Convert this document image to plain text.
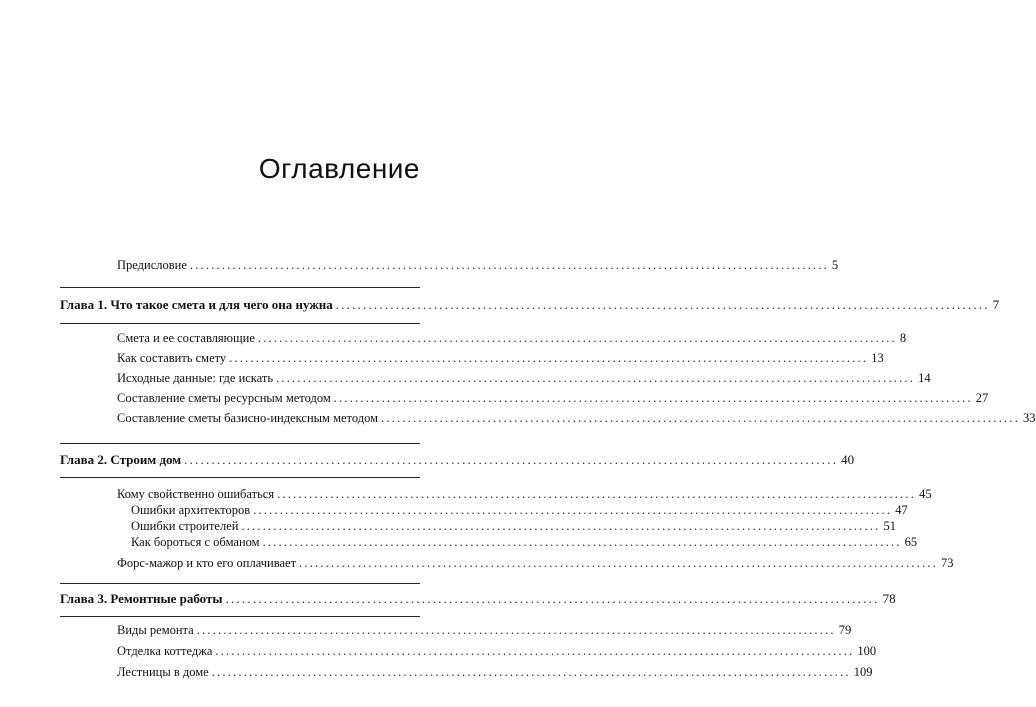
Оглавление
Предисловие ........................................................................................................................ 5
Глава 1. Что такое смета и для чего она нужна ........................................................................................................................ 7
Смета и ее составляющие ........................................................................................................................ 8
Как составить смету ........................................................................................................................ 13
Исходные данные: где искать ........................................................................................................................ 14
Составление сметы ресурсным методом ........................................................................................................................ 27
Составление сметы базисно-индексным методом ........................................................................................................................ 33
Глава 2. Строим дом ........................................................................................................................ 40
Кому свойственно ошибаться ........................................................................................................................ 45
Ошибки архитекторов ........................................................................................................................ 47
Ошибки строителей ........................................................................................................................ 51
Как бороться с обманом ........................................................................................................................ 65
Форс-мажор и кто его оплачивает ........................................................................................................................ 73
Глава 3. Ремонтные работы ........................................................................................................................ 78
Виды ремонта ........................................................................................................................ 79
Отделка коттеджа ........................................................................................................................ 100
Лестницы в доме ........................................................................................................................ 109
